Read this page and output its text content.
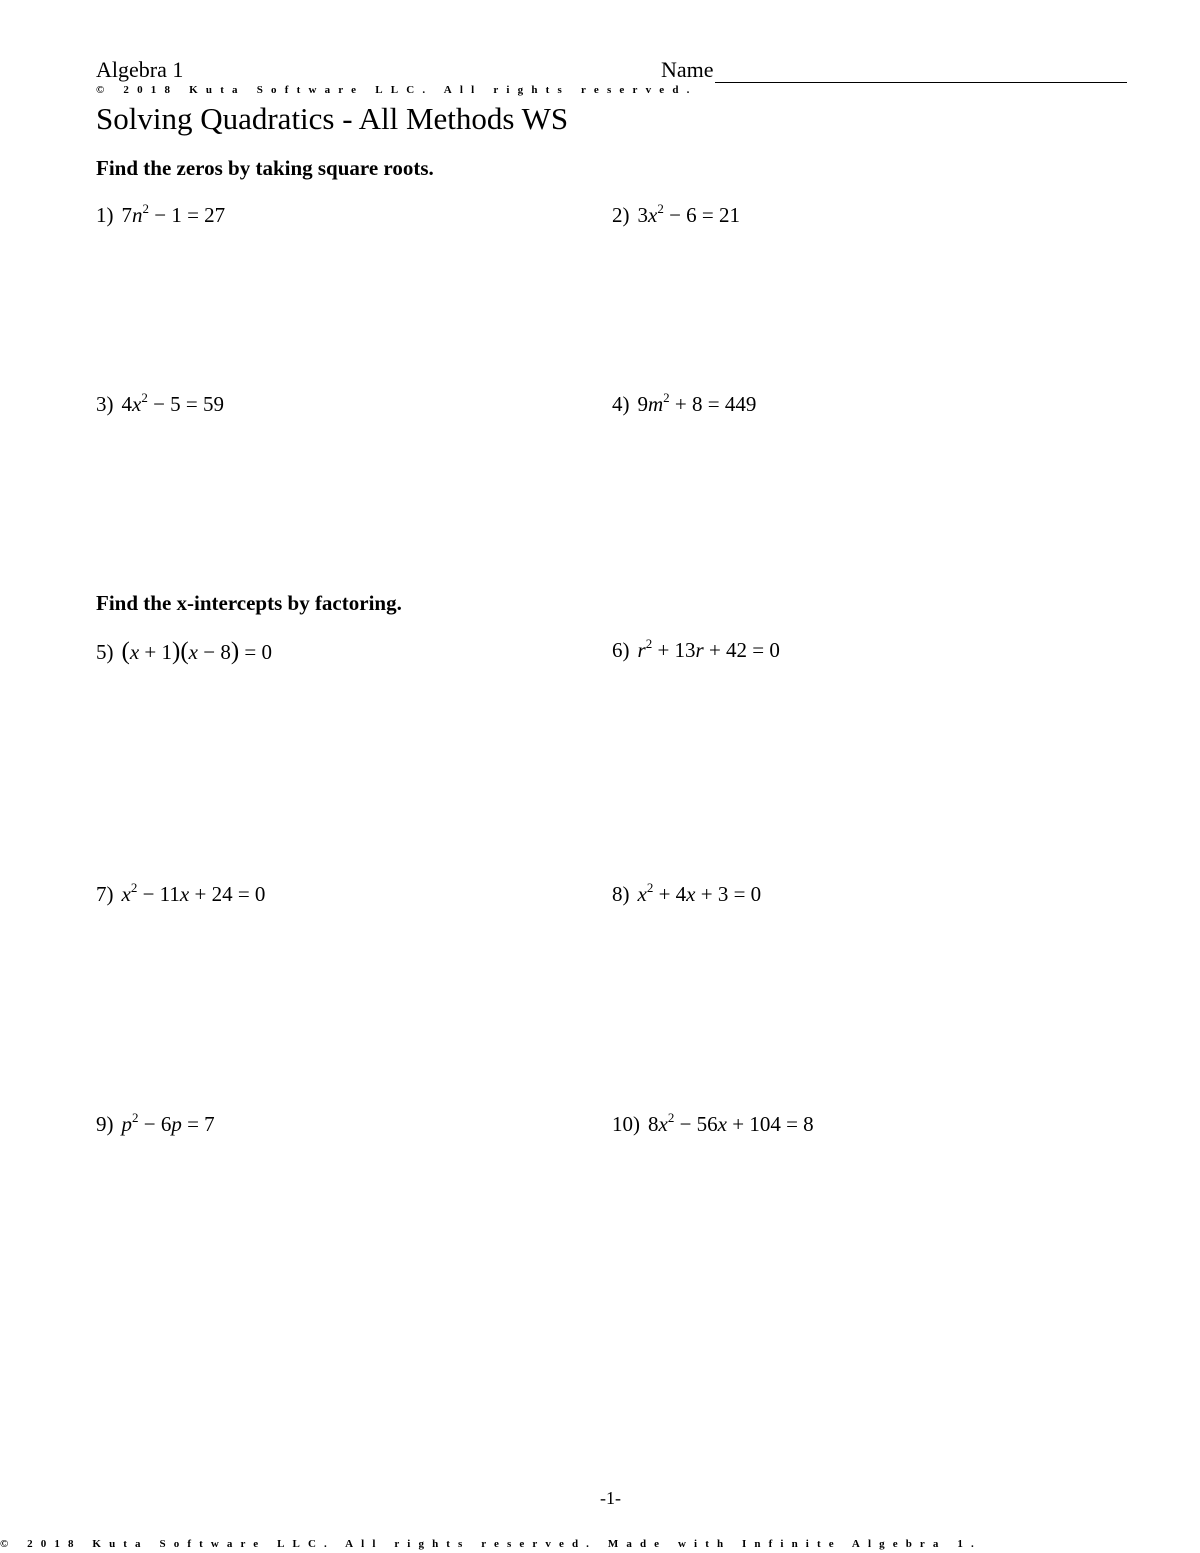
Algebra 1	Name
© 2018 Kuta Software LLC. All rights reserved.
Solving Quadratics - All Methods WS
Find the zeros by taking square roots.
1) $7n^2 - 1 = 27$	2) $3x^2 - 6 = 21$
3) $4x^2 - 5 = 59$	4) $9m^2 + 8 = 449$
Find the x-intercepts by factoring.
5) (x + 1)(x − 8) = 0	6) $r^2 + 13r + 42 = 0$
7) $x^2 - 11x + 24 = 0$	8) $x^2 + 4x + 3 = 0$
9) $p^2 - 6p = 7$	10) $8x^2 - 56x + 104 = 8$
-1-
© 2018 Kuta Software LLC. All rights reserved. Made with Infinite Algebra 1.
